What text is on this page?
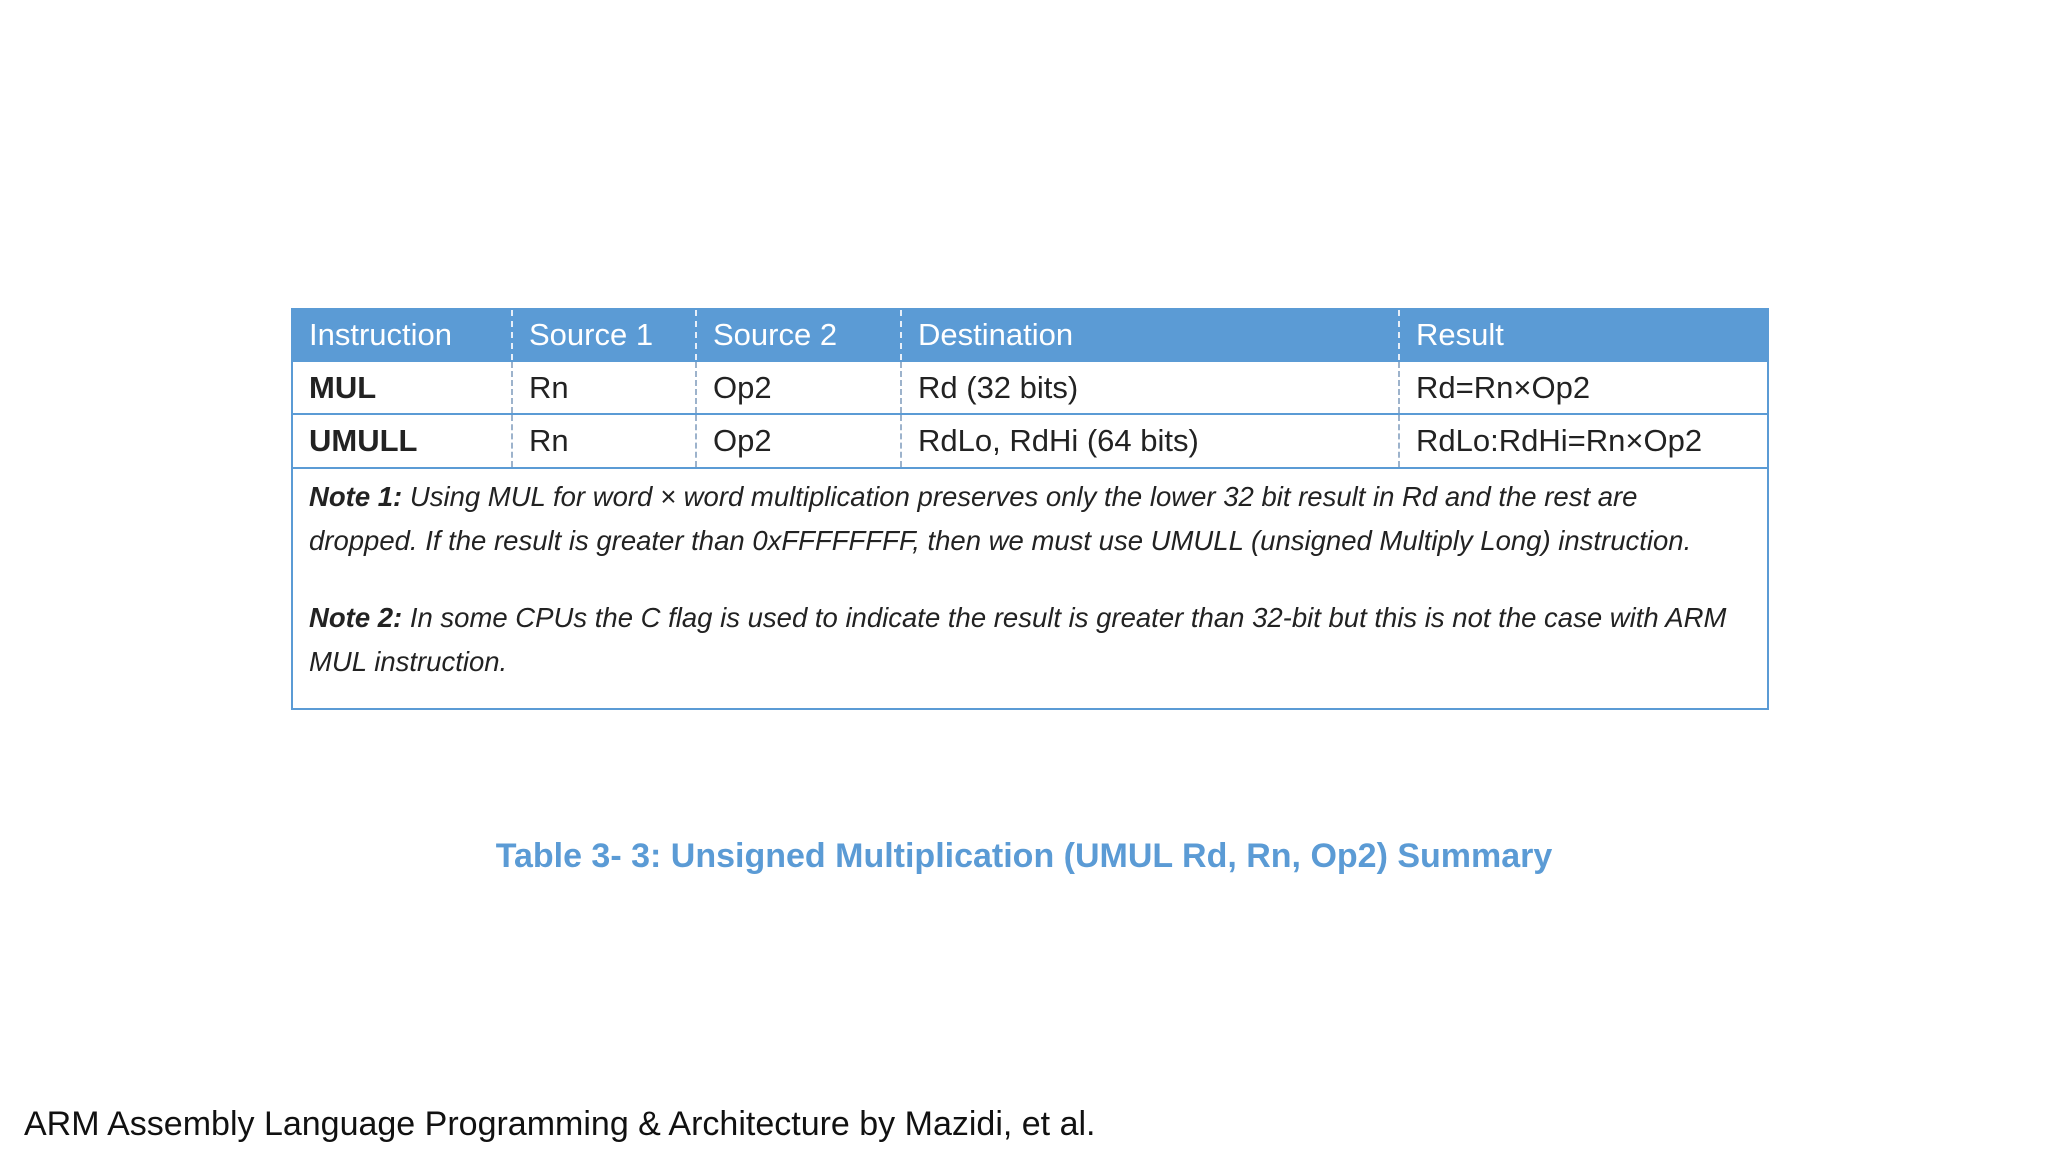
Instruction	Source 1	Source 2	Destination	Result
MUL	Rn	Op2	Rd (32 bits)	Rd=Rn×Op2
UMULL	Rn	Op2	RdLo, RdHi (64 bits)	RdLo:RdHi=Rn×Op2

Note 1: Using MUL for word × word multiplication preserves only the lower 32 bit result in Rd and the rest are dropped. If the result is greater than 0xFFFFFFFF, then we must use UMULL (unsigned Multiply Long) instruction.

Note 2: In some CPUs the C flag is used to indicate the result is greater than 32-bit but this is not the case with ARM MUL instruction.

Table 3- 3: Unsigned Multiplication (UMUL Rd, Rn, Op2) Summary
ARM Assembly Language Programming & Architecture by Mazidi, et al.
